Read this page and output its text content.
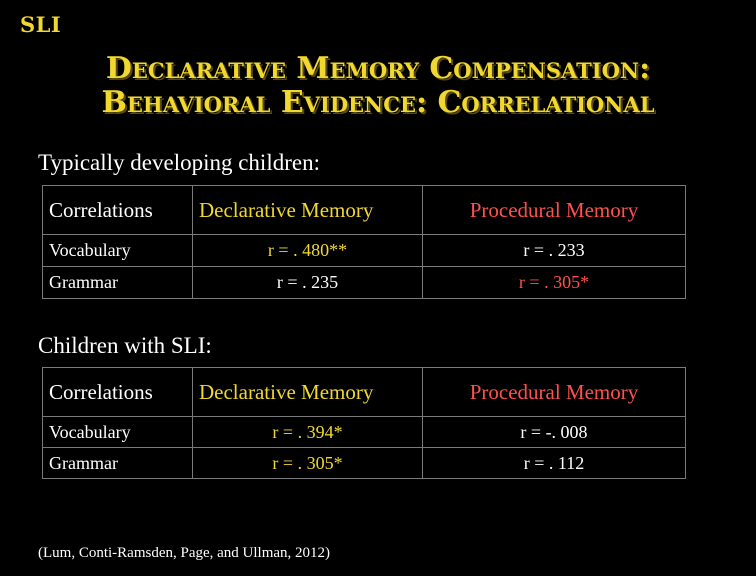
SLI
Declarative Memory Compensation:
Behavioral Evidence: Correlational
Typically developing children:
Correlations	Declarative Memory	Procedural Memory
Vocabulary	r = . 480**	r = . 233
Grammar	r = . 235	r = . 305*
Children with SLI:
Correlations	Declarative Memory	Procedural Memory
Vocabulary	r = . 394*	r = -. 008
Grammar	r = . 305*	r = . 112
(Lum, Conti-Ramsden, Page, and Ullman, 2012)
